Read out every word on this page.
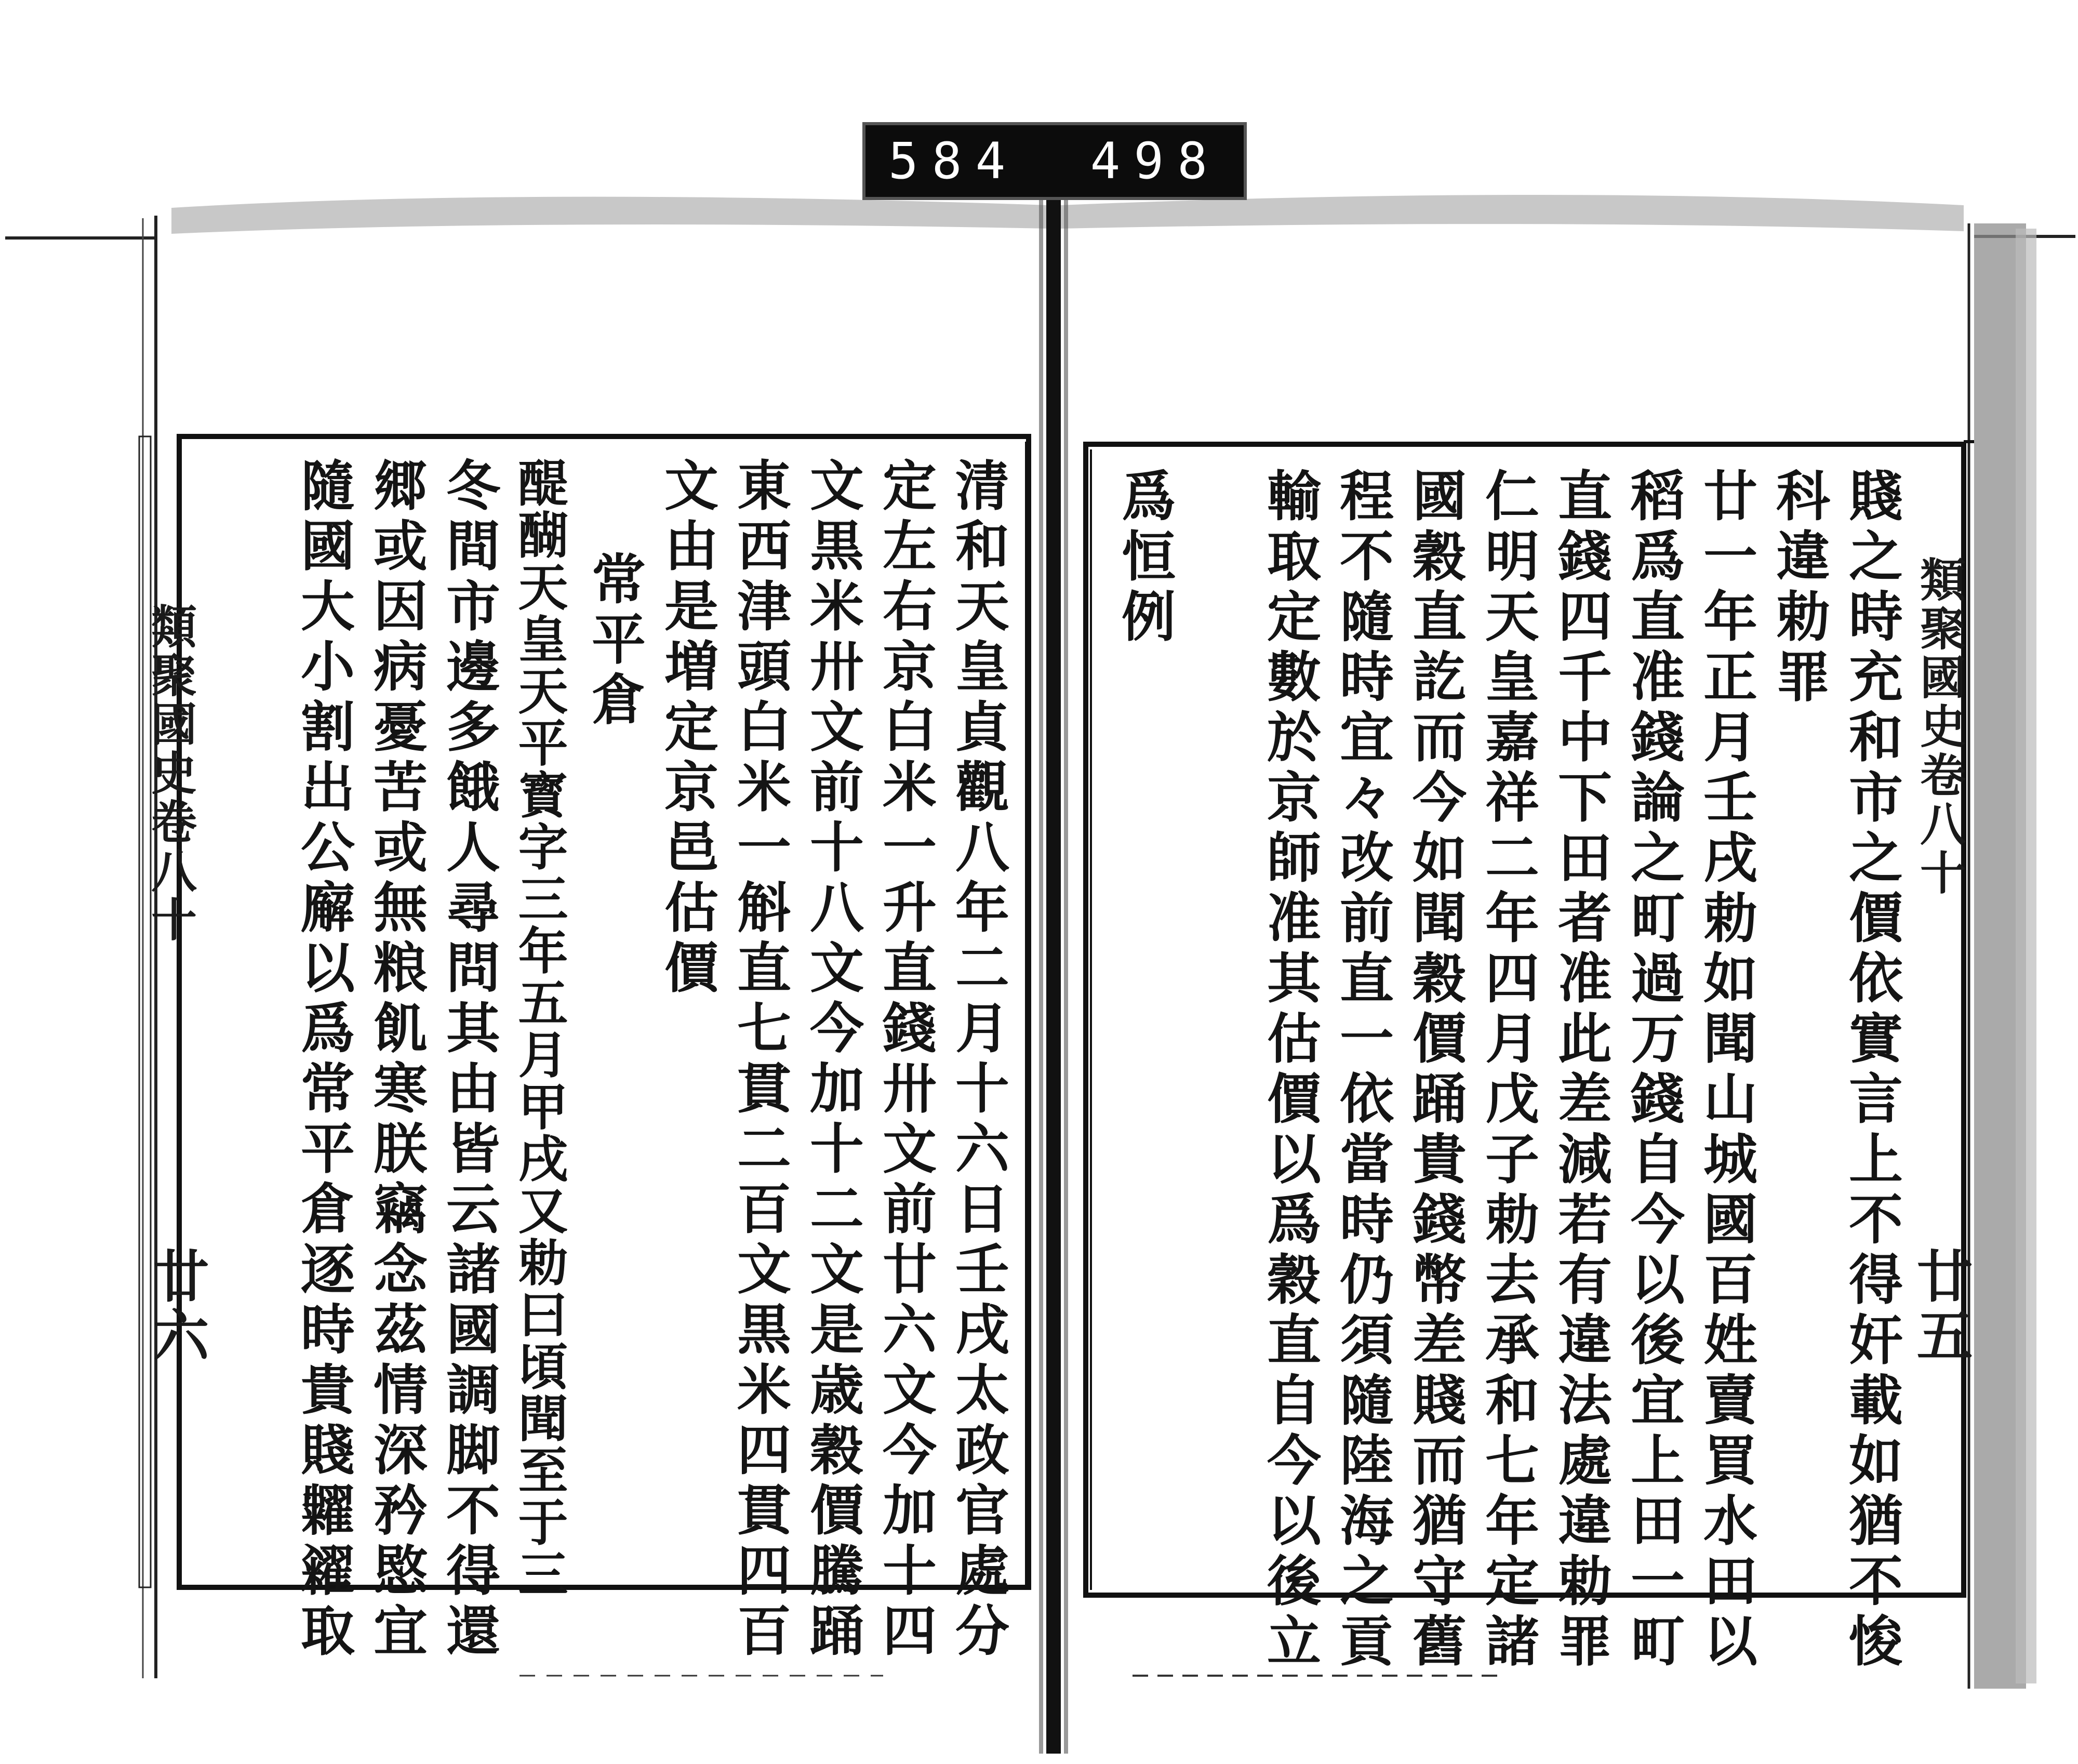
584 498
類聚國史卷八十
廿五
賤之時充和市之價依實言上不得奸載如猶不悛
科違勅罪
廿一年正月壬戌勅如聞山城國百姓賣買水田以
稻爲直准錢論之町過万錢自今以後宜上田一町
直錢四千中下田者准此差減若有違法處違勅罪
仁明天皇嘉祥二年四月戊子勅去承和七年定諸
國穀直訖而今如聞穀價踊貴錢幣差賤而猶守舊
程不隨時宜々改前直一依當時仍須隨陸海之貢
輸取定數於京師准其估價以爲穀直自今以後立
爲恒例
類聚國史卷八十
廿六	清和天皇貞觀八年二月十六日壬戌太政官處分
定左右京白米一升直錢卅文前廿六文今加十四
文黒米卅文前十八文今加十二文是歳穀價騰踊
東西津頭白米一斛直七貫二百文黒米四貫四百
文由是増定京邑估價
常平倉
醍醐天皇天平寳字三年五月甲戌又勅曰頃聞至于三
冬間市邊多餓人尋問其由皆云諸國調脚不得還
郷或因病憂苦或無粮飢寒朕竊念茲情深矜愍宜
隨國大小割出公廨以爲常平倉逐時貴賤糶糴取
